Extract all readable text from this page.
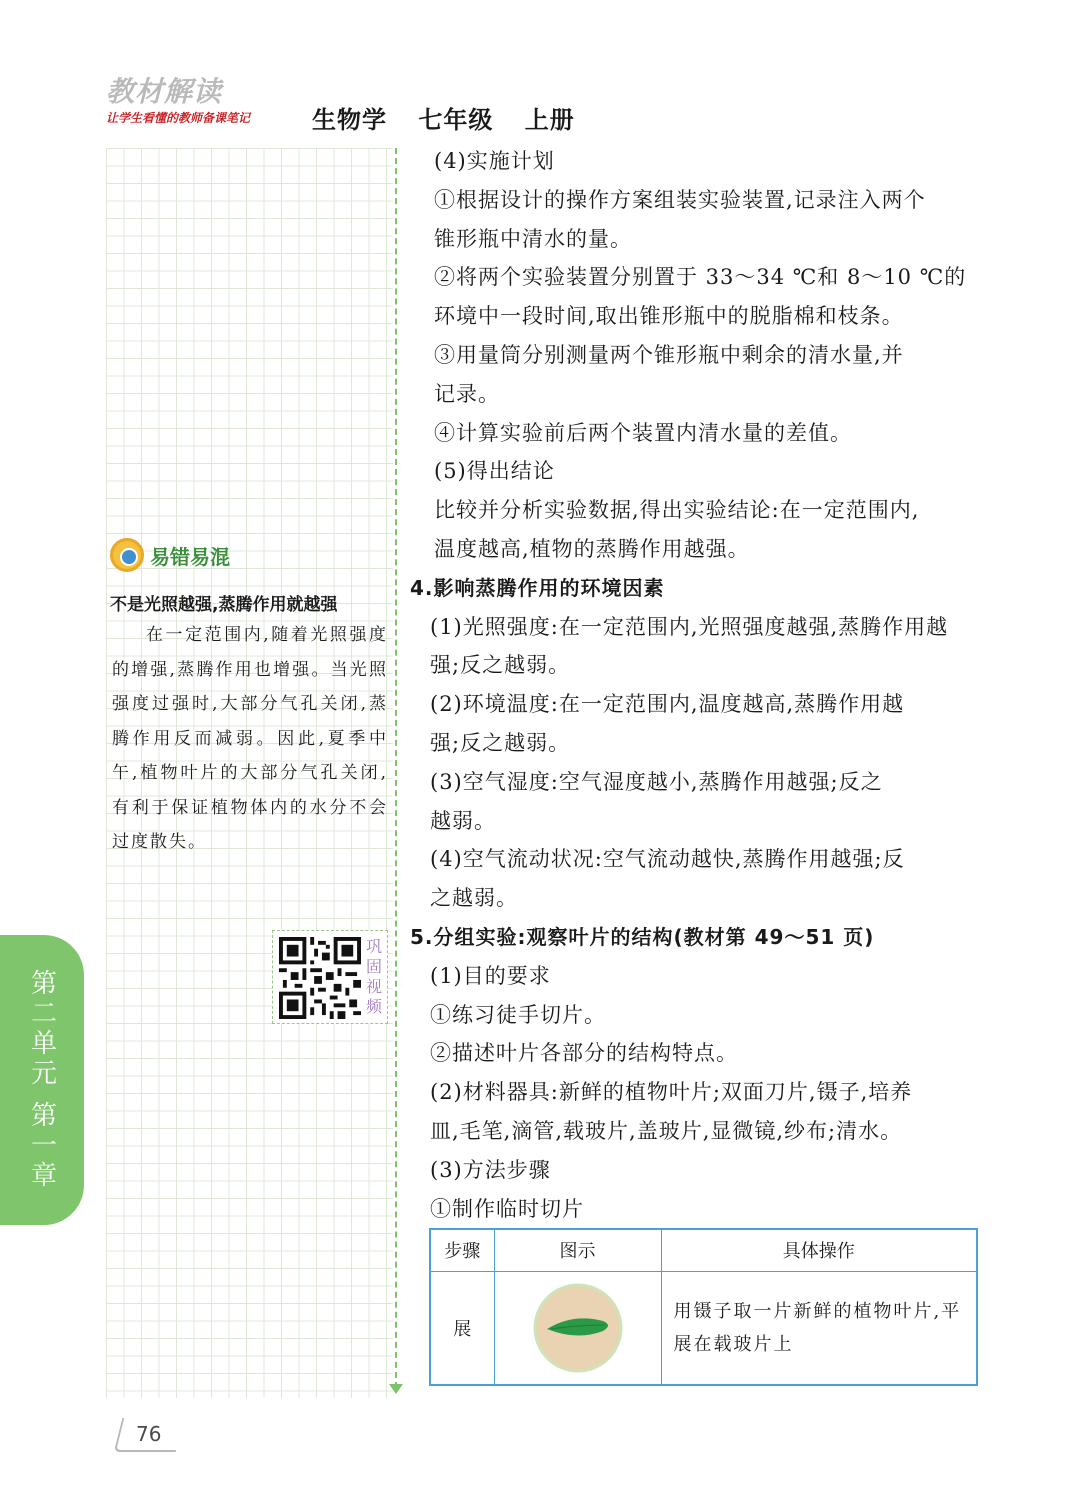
教材解读
让学生看懂的教师备课笔记	生物学 七年级 上册
易错易混
不是光照越强,蒸腾作用就越强
在一定范围内,随着光照强度的增强,蒸腾作用也增强。当光照强度过强时,大部分气孔关闭,蒸腾作用反而减弱。因此,夏季中午,植物叶片的大部分气孔关闭,有利于保证植物体内的水分不会过度散失。
巩固视频
第二单元 第一章
76
(4)实施计划
①根据设计的操作方案组装实验装置,记录注入两个
锥形瓶中清水的量。
②将两个实验装置分别置于 33～34 ℃和 8～10 ℃的
环境中一段时间,取出锥形瓶中的脱脂棉和枝条。
③用量筒分别测量两个锥形瓶中剩余的清水量,并
记录。
④计算实验前后两个装置内清水量的差值。
(5)得出结论
比较并分析实验数据,得出实验结论:在一定范围内,
温度越高,植物的蒸腾作用越强。
4.影响蒸腾作用的环境因素
(1)光照强度:在一定范围内,光照强度越强,蒸腾作用越
强;反之越弱。
(2)环境温度:在一定范围内,温度越高,蒸腾作用越
强;反之越弱。
(3)空气湿度:空气湿度越小,蒸腾作用越强;反之
越弱。
(4)空气流动状况:空气流动越快,蒸腾作用越强;反
之越弱。
5.分组实验:观察叶片的结构(教材第 49～51 页)
(1)目的要求
①练习徒手切片。
②描述叶片各部分的结构特点。
(2)材料器具:新鲜的植物叶片;双面刀片,镊子,培养
皿,毛笔,滴管,载玻片,盖玻片,显微镜,纱布;清水。
(3)方法步骤
①制作临时切片
步骤	图示	具体操作
展		用镊子取一片新鲜的植物叶片,平展在载玻片上
